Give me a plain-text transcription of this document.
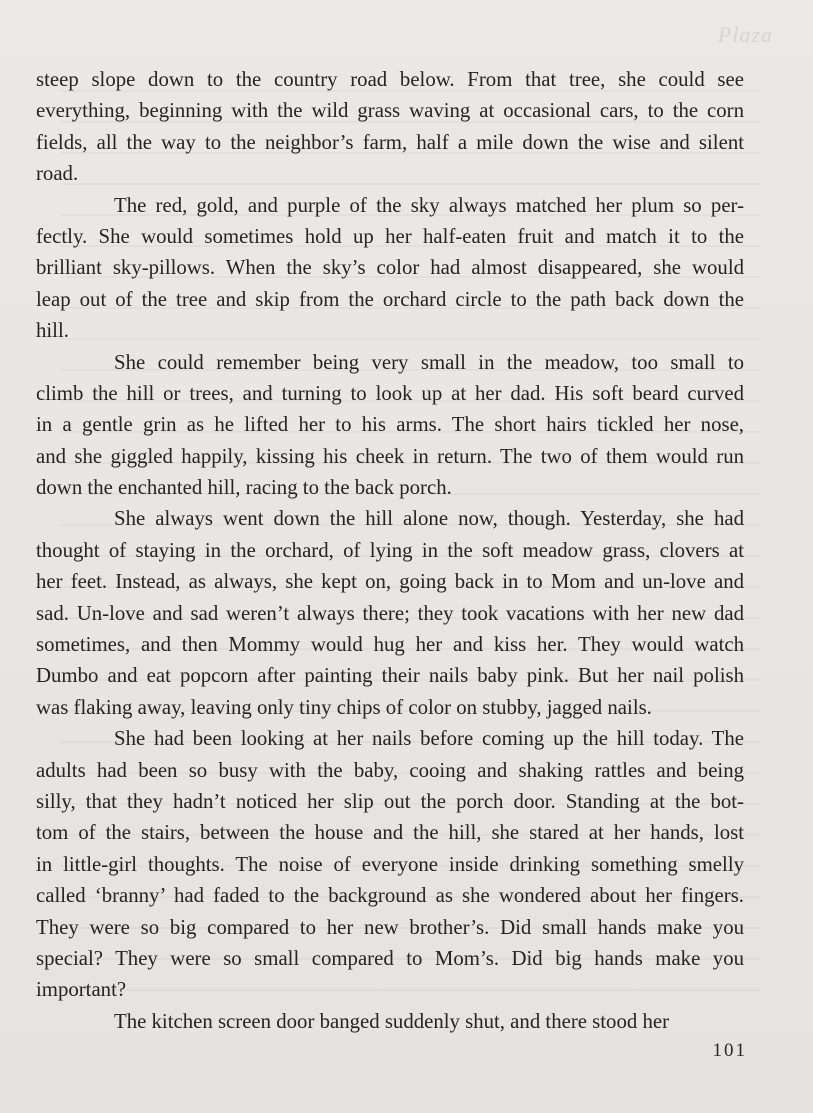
Plaza
steep slope down to the country road below. From that tree, she could see
everything, beginning with the wild grass waving at occasional cars, to the corn
fields, all the way to the neighbor’s farm, half a mile down the wise and silent
road.
The red, gold, and purple of the sky always matched her plum so per-
fectly. She would sometimes hold up her half-eaten fruit and match it to the
brilliant sky-pillows. When the sky’s color had almost disappeared, she would
leap out of the tree and skip from the orchard circle to the path back down the
hill.
She could remember being very small in the meadow, too small to
climb the hill or trees, and turning to look up at her dad. His soft beard curved
in a gentle grin as he lifted her to his arms. The short hairs tickled her nose,
and she giggled happily, kissing his cheek in return. The two of them would run
down the enchanted hill, racing to the back porch.
She always went down the hill alone now, though. Yesterday, she had
thought of staying in the orchard, of lying in the soft meadow grass, clovers at
her feet. Instead, as always, she kept on, going back in to Mom and un-love and
sad. Un-love and sad weren’t always there; they took vacations with her new dad
sometimes, and then Mommy would hug her and kiss her. They would watch
Dumbo and eat popcorn after painting their nails baby pink. But her nail polish
was flaking away, leaving only tiny chips of color on stubby, jagged nails.
She had been looking at her nails before coming up the hill today. The
adults had been so busy with the baby, cooing and shaking rattles and being
silly, that they hadn’t noticed her slip out the porch door. Standing at the bot-
tom of the stairs, between the house and the hill, she stared at her hands, lost
in little-girl thoughts. The noise of everyone inside drinking something smelly
called ‘branny’ had faded to the background as she wondered about her fingers.
They were so big compared to her new brother’s. Did small hands make you
special? They were so small compared to Mom’s. Did big hands make you
important?
The kitchen screen door banged suddenly shut, and there stood her
101
